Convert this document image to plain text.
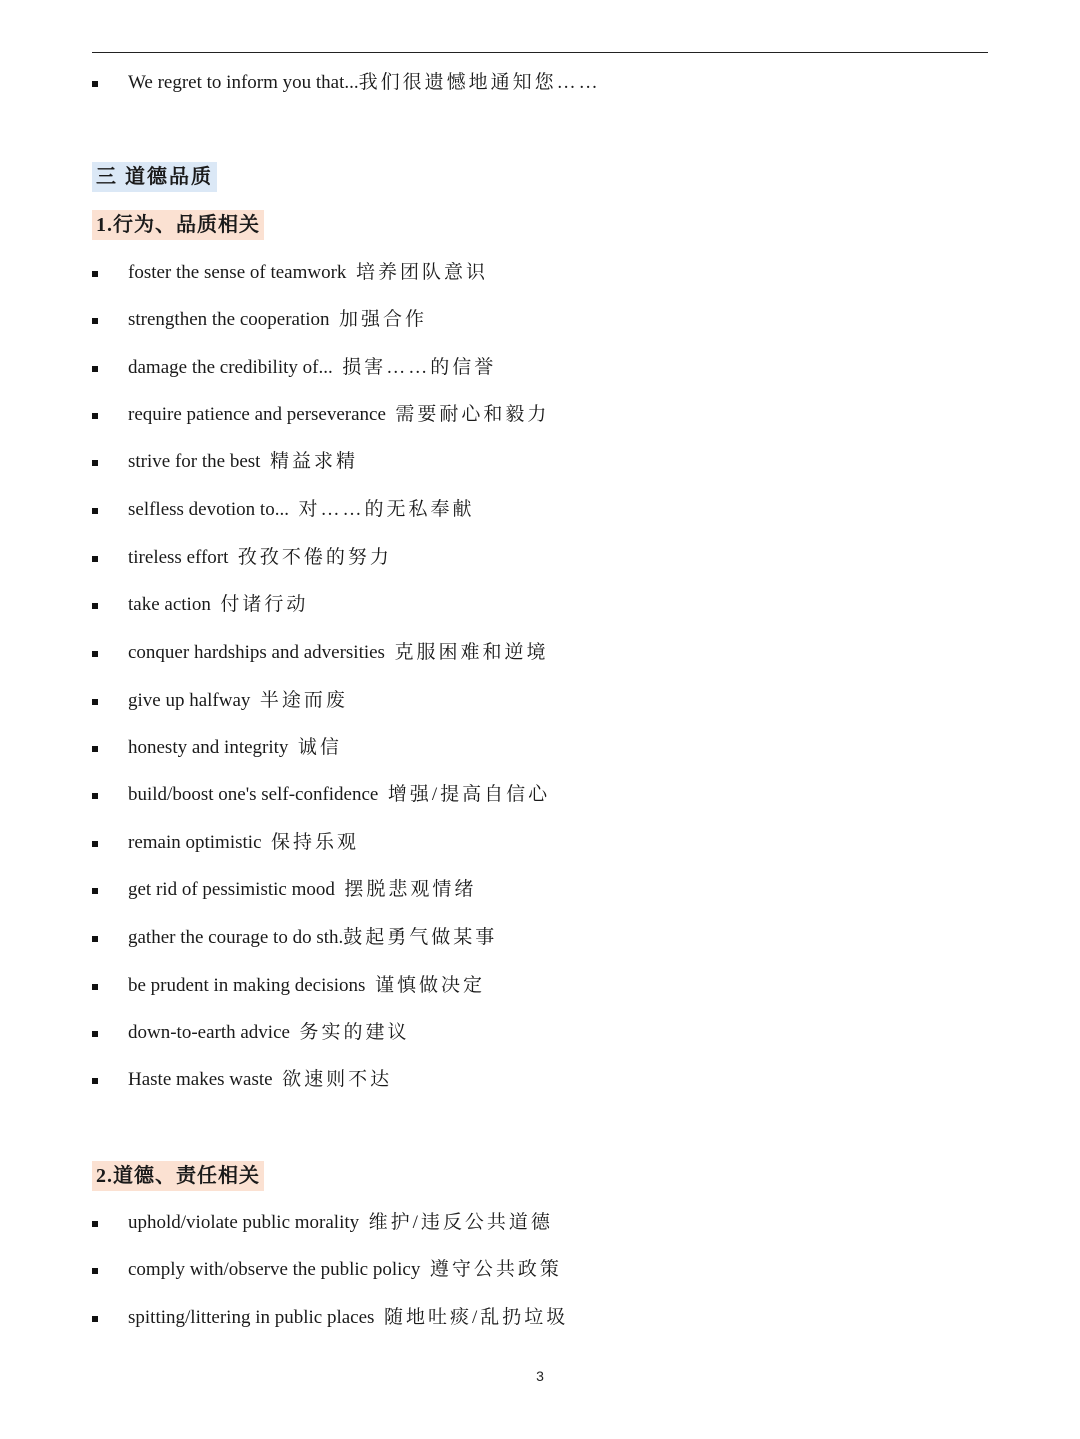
We regret to inform you that...我们很遗憾地通知您……
三 道德品质
1.行为、品质相关
foster the sense of teamwork 培养团队意识
strengthen the cooperation 加强合作
damage the credibility of... 损害……的信誉
require patience and perseverance 需要耐心和毅力
strive for the best 精益求精
selfless devotion to... 对……的无私奉献
tireless effort 孜孜不倦的努力
take action 付诸行动
conquer hardships and adversities 克服困难和逆境
give up halfway 半途而废
honesty and integrity 诚信
build/boost one's self-confidence 增强/提高自信心
remain optimistic 保持乐观
get rid of pessimistic mood 摆脱悲观情绪
gather the courage to do sth.鼓起勇气做某事
be prudent in making decisions 谨慎做决定
down-to-earth advice 务实的建议
Haste makes waste 欲速则不达
2.道德、责任相关
uphold/violate public morality 维护/违反公共道德
comply with/observe the public policy 遵守公共政策
spitting/littering in public places 随地吐痰/乱扔垃圾
3
